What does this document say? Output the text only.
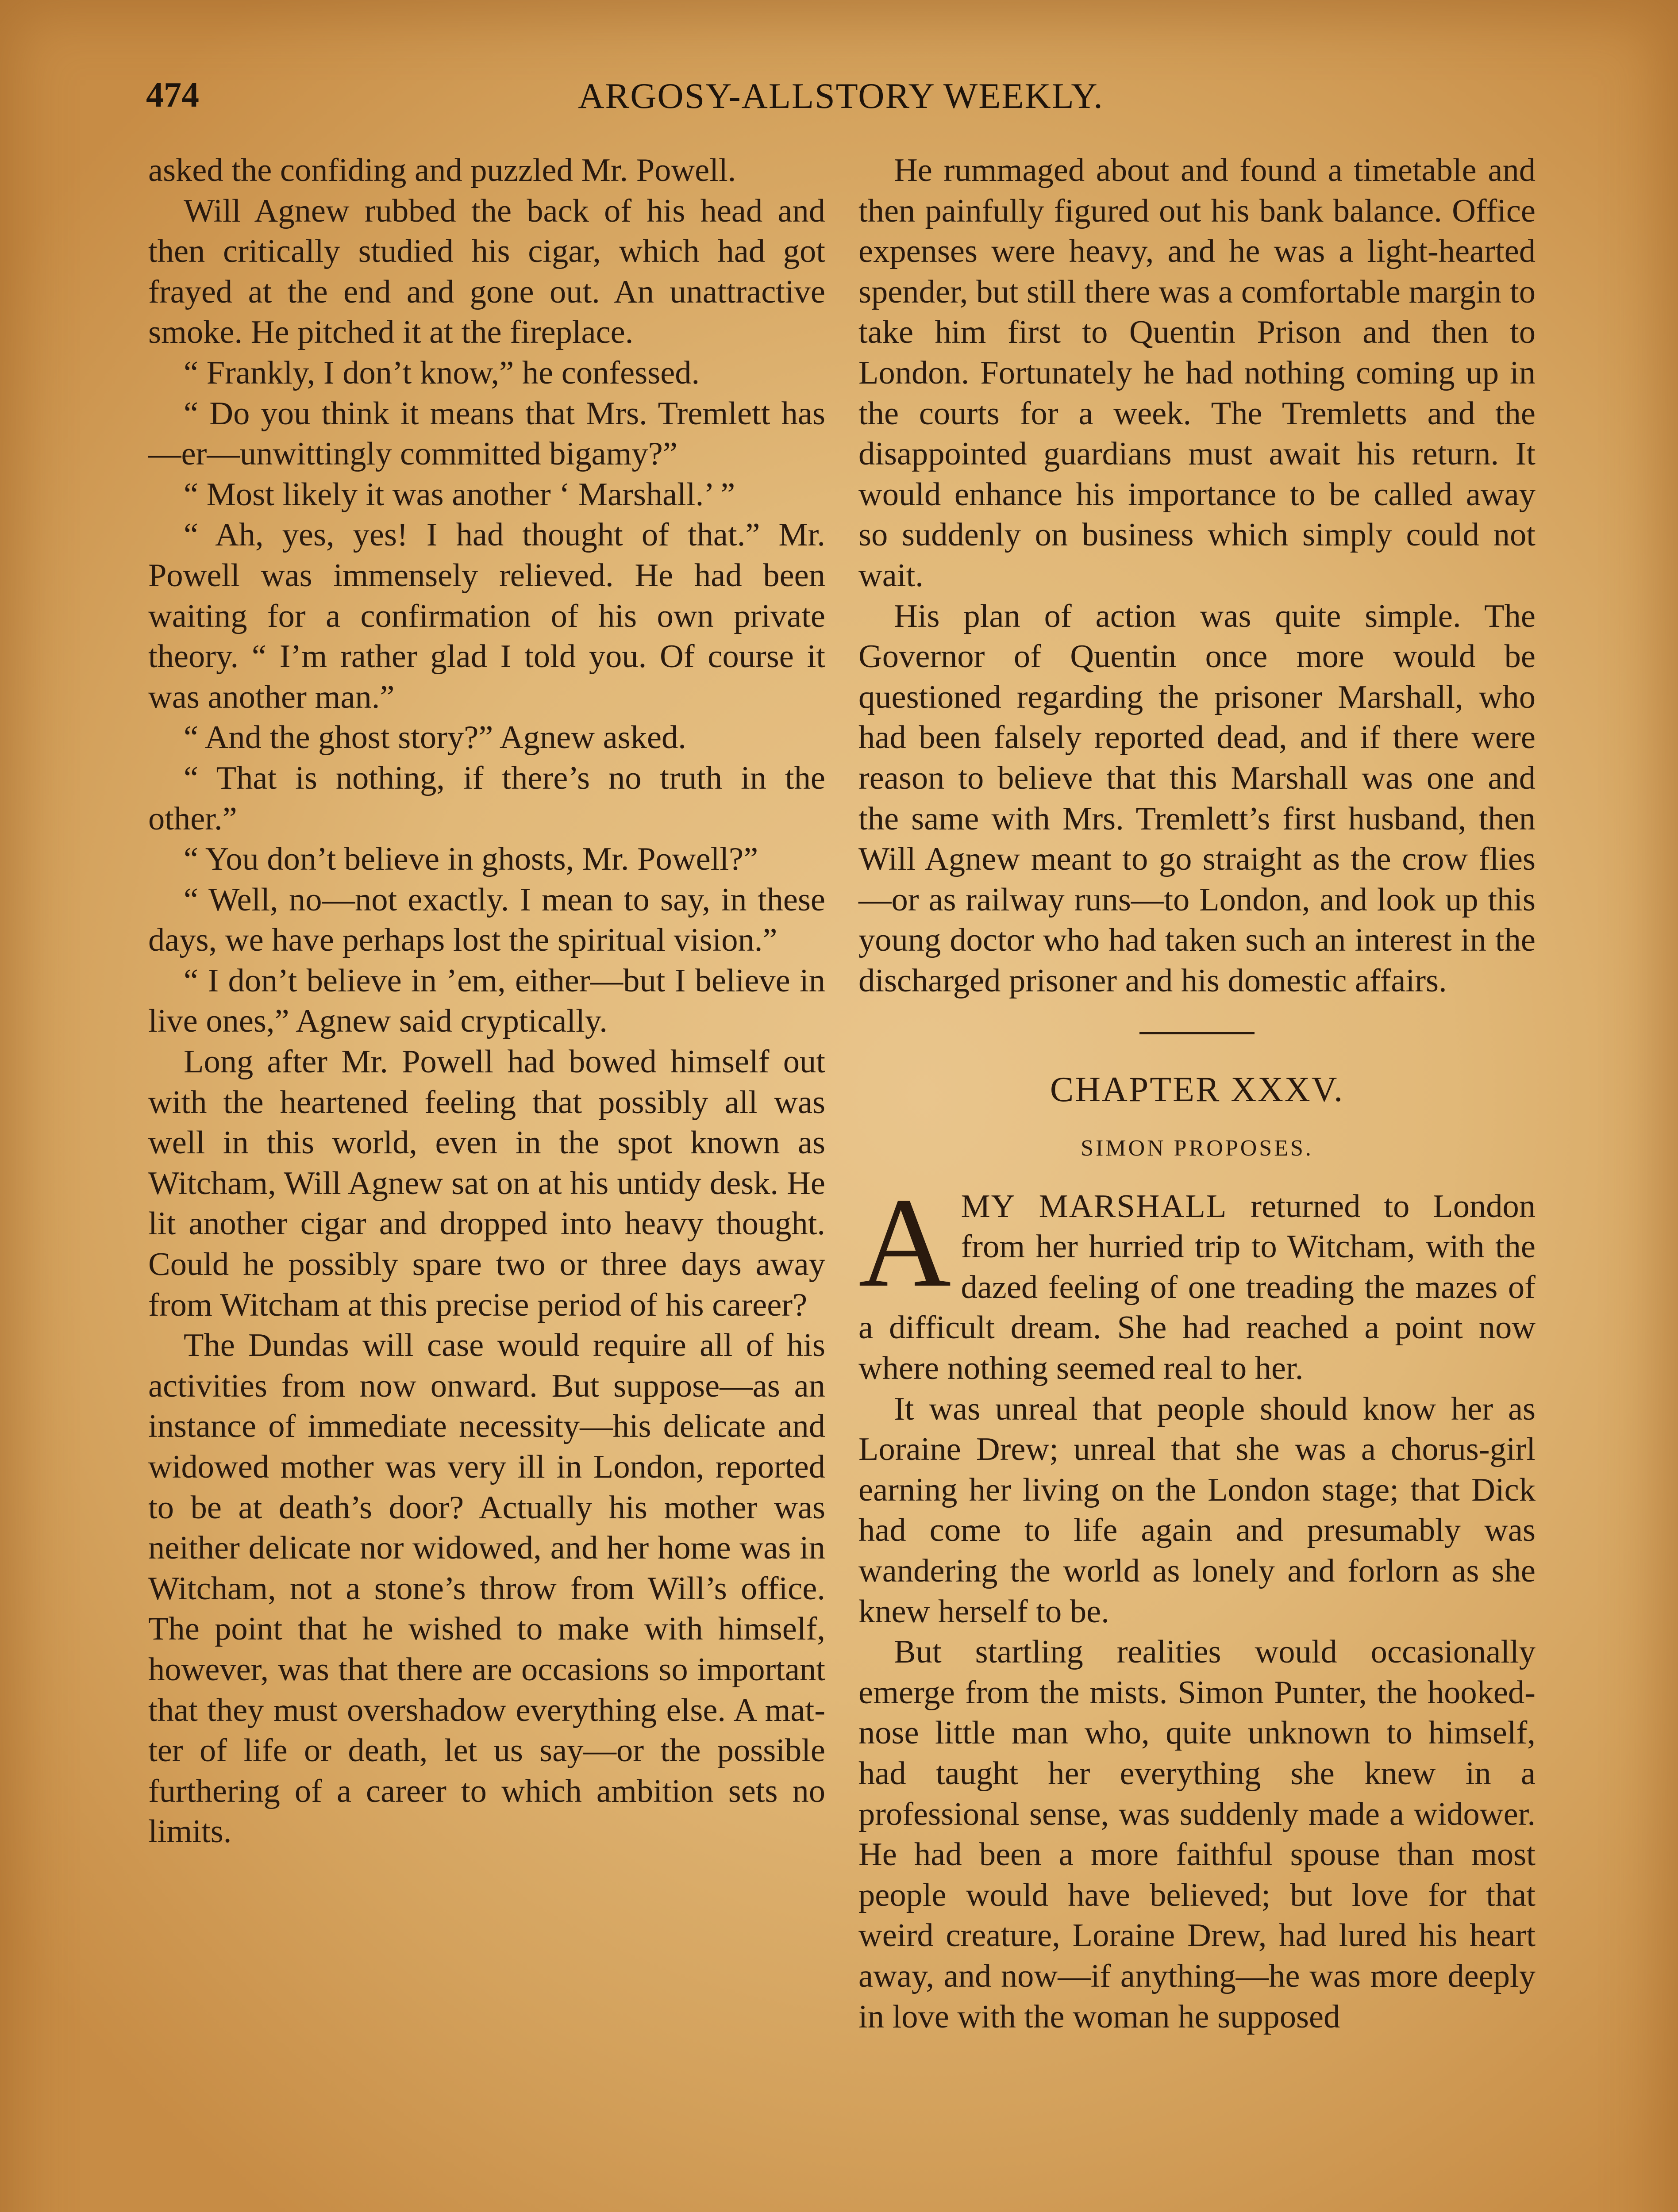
474	ARGOSY-ALLSTORY WEEKLY.

asked the confiding and puzzled Mr. Powell.

Will Agnew rubbed the back of his head and then critically studied his cigar, which had got frayed at the end and gone out. An unattractive smoke. He pitched it at the fireplace.

“ Frankly, I don’t know,” he confessed.

“ Do you think it means that Mrs. Tremlett has—er—unwittingly committed bigamy?”

“ Most likely it was another ‘ Marshall.’ ”

“ Ah, yes, yes! I had thought of that.” Mr. Powell was immensely relieved. He had been waiting for a confirmation of his own private theory. “ I’m rather glad I told you. Of course it was another man.”

“ And the ghost story?” Agnew asked.

“ That is nothing, if there’s no truth in the other.”

“ You don’t believe in ghosts, Mr. Powell?”

“ Well, no—not exactly. I mean to say, in these days, we have perhaps lost the spiritual vision.”

“ I don’t believe in ’em, either—but I believe in live ones,” Agnew said cryptically.

Long after Mr. Powell had bowed himself out with the heartened feeling that possibly all was well in this world, even in the spot known as Witcham, Will Agnew sat on at his untidy desk. He lit another cigar and dropped into heavy thought. Could he possibly spare two or three days away from Witcham at this precise period of his career?

The Dundas will case would require all of his activities from now onward. But suppose—as an instance of immediate necessity—his delicate and widowed mother was very ill in London, reported to be at death’s door? Actually his mother was neither delicate nor widowed, and her home was in Witcham, not a stone’s throw from Will’s office. The point that he wished to make with himself, however, was that there are occasions so important that they must overshadow everything else. A matter of life or death, let us say—or the possible furthering of a career to which ambition sets no limits.

He rummaged about and found a timetable and then painfully figured out his bank balance. Office expenses were heavy, and he was a light-hearted spender, but still there was a comfortable margin to take him first to Quentin Prison and then to London. Fortunately he had nothing coming up in the courts for a week. The Tremletts and the disappointed guardians must await his return. It would enhance his importance to be called away so suddenly on business which simply could not wait.

His plan of action was quite simple. The Governor of Quentin once more would be questioned regarding the prisoner Marshall, who had been falsely reported dead, and if there were reason to believe that this Marshall was one and the same with Mrs. Tremlett’s first husband, then Will Agnew meant to go straight as the crow flies—or as railway runs—to London, and look up this young doctor who had taken such an interest in the discharged prisoner and his domestic affairs.

CHAPTER XXXV.
SIMON PROPOSES.

AMY MARSHALL returned to London from her hurried trip to Witcham, with the dazed feeling of one treading the mazes of a difficult dream. She had reached a point now where nothing seemed real to her.

It was unreal that people should know her as Loraine Drew; unreal that she was a chorus-girl earning her living on the London stage; that Dick had come to life again and presumably was wandering the world as lonely and forlorn as she knew herself to be.

But startling realities would occasionally emerge from the mists. Simon Punter, the hooked-nose little man who, quite unknown to himself, had taught her everything she knew in a professional sense, was suddenly made a widower. He had been a more faithful spouse than most people would have believed; but love for that weird creature, Loraine Drew, had lured his heart away, and now—if anything—he was more deeply in love with the woman he supposed
